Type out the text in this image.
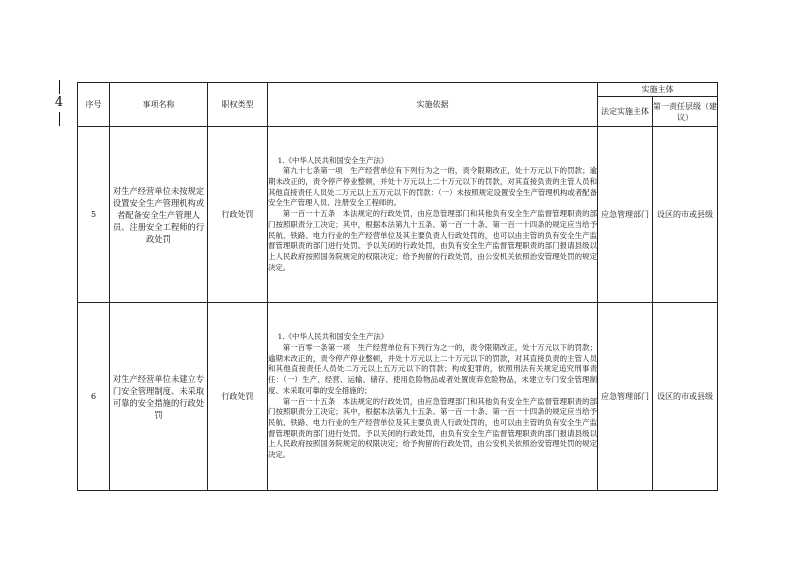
4	序号	事项名称	职权类型	实施依据	实施主体	
				法定实施主体	第一责任层级（建议）
5	对生产经营单位未按规定设置安全生产管理机构或者配备安全生产管理人员、注册安全工程师的行政处罚	行政处罚	1.《中华人民共和国安全生产法》

第九十七条第一项　生产经营单位有下列行为之一的，责令限期改正，处十万元以下的罚款；逾期未改正的，责令停产停业整顿，并处十万元以上二十万元以下的罚款，对其直接负责的主管人员和其他直接责任人员处二万元以上五万元以下的罚款：（一）未按照规定设置安全生产管理机构或者配备安全生产管理人员、注册安全工程师的。

第一百一十五条　本法规定的行政处罚，由应急管理部门和其他负有安全生产监督管理职责的部门按照职责分工决定；其中，根据本法第九十五条、第一百一十条、第一百一十四条的规定应当给予民航、铁路、电力行业的生产经营单位及其主要负责人行政处罚的，也可以由主管的负有安全生产监督管理职责的部门进行处罚。予以关闭的行政处罚，由负有安全生产监督管理职责的部门报请县级以上人民政府按照国务院规定的权限决定；给予拘留的行政处罚，由公安机关依照治安管理处罚的规定决定。	应急管理部门	设区的市或县级
6	对生产经营单位未建立专门安全管理制度、未采取可靠的安全措施的行政处罚	行政处罚	1.《中华人民共和国安全生产法》

第一百零一条第一项　生产经营单位有下列行为之一的，责令限期改正，处十万元以下的罚款；逾期未改正的，责令停产停业整顿，并处十万元以上二十万元以下的罚款，对其直接负责的主管人员和其他直接责任人员处二万元以上五万元以下的罚款；构成犯罪的，依照刑法有关规定追究刑事责任：（一）生产、经营、运输、储存、使用危险物品或者处置废弃危险物品，未建立专门安全管理制度、未采取可靠的安全措施的；

第一百一十五条　本法规定的行政处罚，由应急管理部门和其他负有安全生产监督管理职责的部门按照职责分工决定；其中，根据本法第九十五条、第一百一十条、第一百一十四条的规定应当给予民航、铁路、电力行业的生产经营单位及其主要负责人行政处罚的，也可以由主管的负有安全生产监督管理职责的部门进行处罚。予以关闭的行政处罚，由负有安全生产监督管理职责的部门报请县级以上人民政府按照国务院规定的权限决定；给予拘留的行政处罚，由公安机关依照治安管理处罚的规定决定。	应急管理部门	设区的市或县级
